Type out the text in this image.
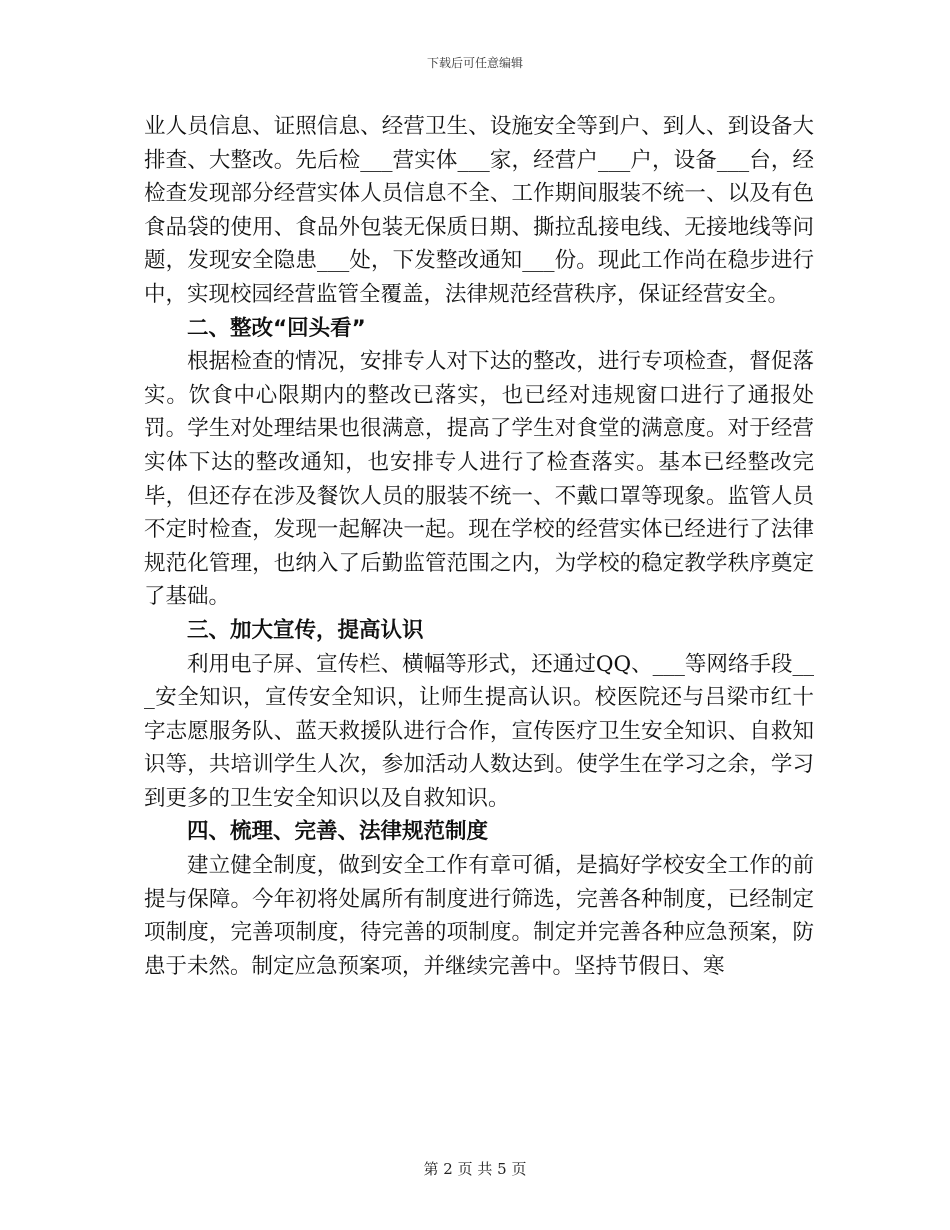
下载后可任意编辑

业人员信息、证照信息、经营卫生、设施安全等到户、到人、到设备大排查、大整改。先后检___营实体___家，经营户___户，设备___台，经检查发现部分经营实体人员信息不全、工作期间服装不统一、以及有色食品袋的使用、食品外包装无保质日期、撕拉乱接电线、无接地线等问题，发现安全隐患___处，下发整改通知___份。现此工作尚在稳步进行中，实现校园经营监管全覆盖，法律规范经营秩序，保证经营安全。

二、整改“回头看”

根据检查的情况，安排专人对下达的整改，进行专项检查，督促落实。饮食中心限期内的整改已落实，也已经对违规窗口进行了通报处罚。学生对处理结果也很满意，提高了学生对食堂的满意度。对于经营实体下达的整改通知，也安排专人进行了检查落实。基本已经整改完毕，但还存在涉及餐饮人员的服装不统一、不戴口罩等现象。监管人员不定时检查，发现一起解决一起。现在学校的经营实体已经进行了法律规范化管理，也纳入了后勤监管范围之内，为学校的稳定教学秩序奠定了基础。

三、加大宣传，提高认识

利用电子屏、宣传栏、横幅等形式，还通过QQ、___等网络手段___安全知识，宣传安全知识，让师生提高认识。校医院还与吕梁市红十字志愿服务队、蓝天救援队进行合作，宣传医疗卫生安全知识、自救知识等，共培训学生人次，参加活动人数达到。使学生在学习之余，学习到更多的卫生安全知识以及自救知识。

四、梳理、完善、法律规范制度

建立健全制度，做到安全工作有章可循，是搞好学校安全工作的前提与保障。今年初将处属所有制度进行筛选，完善各种制度，已经制定项制度，完善项制度，待完善的项制度。制定并完善各种应急预案，防患于未然。制定应急预案项，并继续完善中。坚持节假日、寒

第 2 页 共 5 页
